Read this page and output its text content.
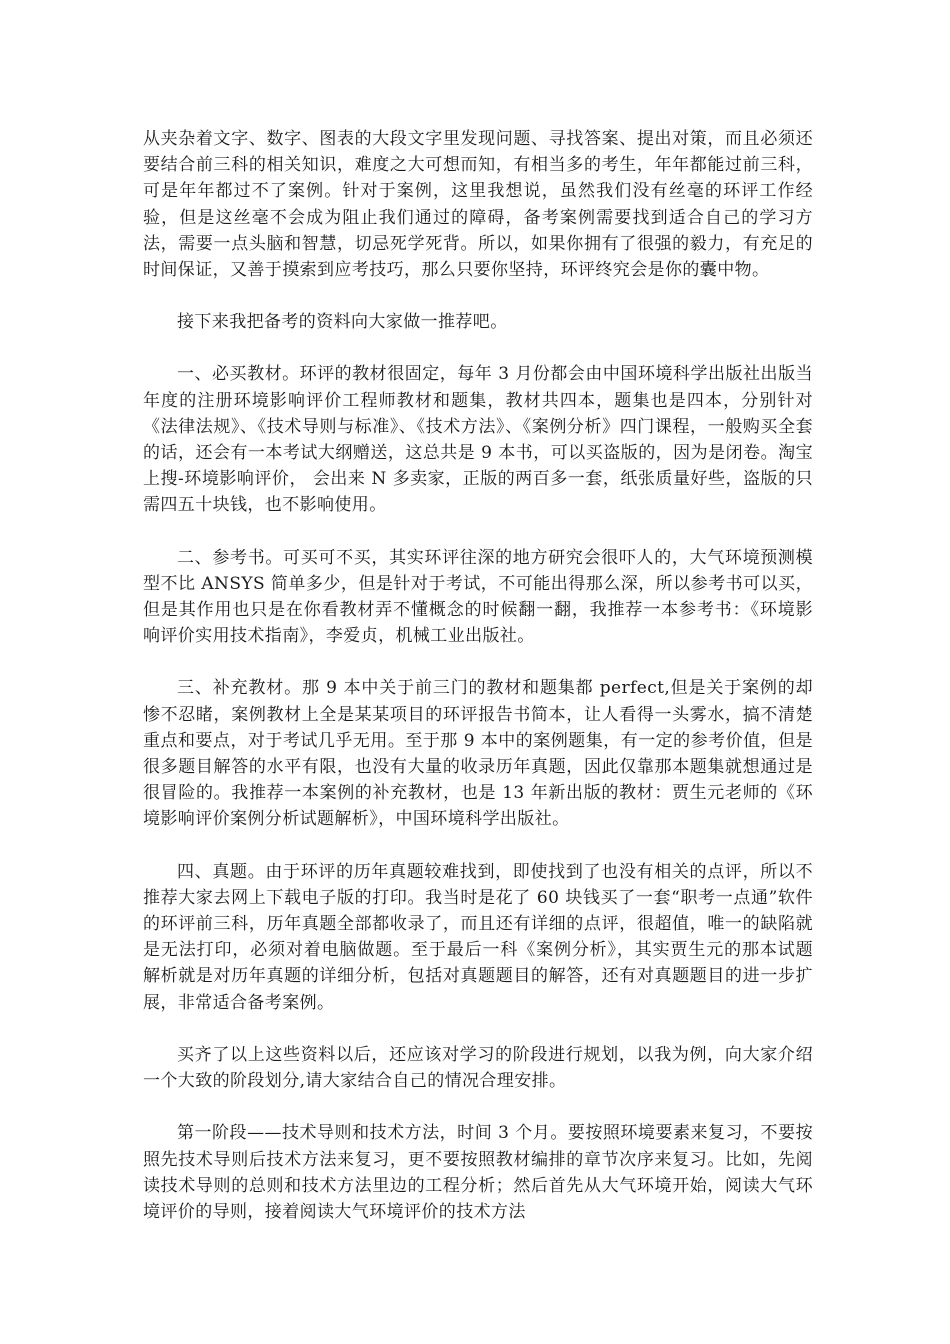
从夹杂着文字、数字、图表的大段文字里发现问题、寻找答案、提出对策，而且必须还要结合前三科的相关知识，难度之大可想而知，有相当多的考生，年年都能过前三科，可是年年都过不了案例。针对于案例，这里我想说，虽然我们没有丝毫的环评工作经验，但是这丝毫不会成为阻止我们通过的障碍，备考案例需要找到适合自己的学习方法，需要一点头脑和智慧，切忌死学死背。所以，如果你拥有了很强的毅力，有充足的时间保证，又善于摸索到应考技巧，那么只要你坚持，环评终究会是你的囊中物。

接下来我把备考的资料向大家做一推荐吧。

一、必买教材。环评的教材很固定，每年 3 月份都会由中国环境科学出版社出版当年度的注册环境影响评价工程师教材和题集，教材共四本，题集也是四本，分别针对《法律法规》、《技术导则与标准》、《技术方法》、《案例分析》四门课程，一般购买全套的话，还会有一本考试大纲赠送，这总共是 9 本书，可以买盗版的，因为是闭卷。淘宝上搜-环境影响评价， 会出来 N 多卖家，正版的两百多一套，纸张质量好些，盗版的只需四五十块钱，也不影响使用。

二、参考书。可买可不买，其实环评往深的地方研究会很吓人的，大气环境预测模型不比 ANSYS 简单多少，但是针对于考试，不可能出得那么深，所以参考书可以买，但是其作用也只是在你看教材弄不懂概念的时候翻一翻，我推荐一本参考书：《环境影响评价实用技术指南》，李爱贞，机械工业出版社。

三、补充教材。那 9 本中关于前三门的教材和题集都 perfect,但是关于案例的却惨不忍睹，案例教材上全是某某项目的环评报告书简本，让人看得一头雾水，搞不清楚重点和要点，对于考试几乎无用。至于那 9 本中的案例题集，有一定的参考价值，但是很多题目解答的水平有限，也没有大量的收录历年真题，因此仅靠那本题集就想通过是很冒险的。我推荐一本案例的补充教材，也是 13 年新出版的教材：贾生元老师的《环境影响评价案例分析试题解析》，中国环境科学出版社。

四、真题。由于环评的历年真题较难找到，即使找到了也没有相关的点评，所以不推荐大家去网上下载电子版的打印。我当时是花了 60 块钱买了一套“职考一点通”软件的环评前三科，历年真题全部都收录了，而且还有详细的点评，很超值，唯一的缺陷就是无法打印，必须对着电脑做题。至于最后一科《案例分析》，其实贾生元的那本试题解析就是对历年真题的详细分析，包括对真题题目的解答，还有对真题题目的进一步扩展，非常适合备考案例。

买齐了以上这些资料以后，还应该对学习的阶段进行规划，以我为例，向大家介绍一个大致的阶段划分,请大家结合自己的情况合理安排。

第一阶段——技术导则和技术方法，时间 3 个月。要按照环境要素来复习，不要按照先技术导则后技术方法来复习，更不要按照教材编排的章节次序来复习。比如，先阅读技术导则的总则和技术方法里边的工程分析；然后首先从大气环境开始，阅读大气环境评价的导则，接着阅读大气环境评价的技术方法
